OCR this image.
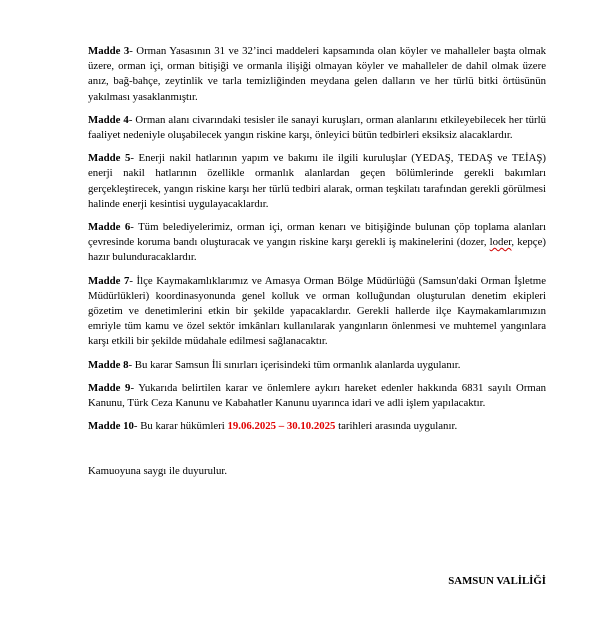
Madde 3- Orman Yasasının 31 ve 32’inci maddeleri kapsamında olan köyler ve mahalleler başta olmak üzere, orman içi, orman bitişiği ve ormanla ilişiği olmayan köyler ve mahalleler de dahil olmak üzere anız, bağ-bahçe, zeytinlik ve tarla temizliğinden meydana gelen dalların ve her türlü bitki örtüsünün yakılması yasaklanmıştır.

Madde 4- Orman alanı civarındaki tesisler ile sanayi kuruşları, orman alanlarını etkileyebilecek her türlü faaliyet nedeniyle oluşabilecek yangın riskine karşı, önleyici bütün tedbirleri eksiksiz alacaklardır.

Madde 5- Enerji nakil hatlarının yapım ve bakımı ile ilgili kuruluşlar (YEDAŞ, TEDAŞ ve TEİAŞ) enerji nakil hatlarının özellikle ormanlık alanlardan geçen bölümlerinde gerekli bakımları gerçekleştirecek, yangın riskine karşı her türlü tedbiri alarak, orman teşkilatı tarafından gerekli görülmesi halinde enerji kesintisi uygulayacaklardır.

Madde 6- Tüm belediyelerimiz, orman içi, orman kenarı ve bitişiğinde bulunan çöp toplama alanları çevresinde koruma bandı oluşturacak ve yangın riskine karşı gerekli iş makinelerini (dozer, loder, kepçe) hazır bulunduracaklardır.

Madde 7- İlçe Kaymakamlıklarımız ve Amasya Orman Bölge Müdürlüğü (Samsun'daki Orman İşletme Müdürlükleri) koordinasyonunda genel kolluk ve orman kolluğundan oluşturulan denetim ekipleri gözetim ve denetimlerini etkin bir şekilde yapacaklardır. Gerekli hallerde ilçe Kaymakamlarımızın emriyle tüm kamu ve özel sektör imkânları kullanılarak yangınların önlenmesi ve muhtemel yangınlara karşı etkili bir şekilde müdahale edilmesi sağlanacaktır.

Madde 8- Bu karar Samsun İli sınırları içerisindeki tüm ormanlık alanlarda uygulanır.

Madde 9- Yukarıda belirtilen karar ve önlemlere aykırı hareket edenler hakkında 6831 sayılı Orman Kanunu, Türk Ceza Kanunu ve Kabahatler Kanunu uyarınca idari ve adli işlem yapılacaktır.

Madde 10- Bu karar hükümleri 19.06.2025 – 30.10.2025 tarihleri arasında uygulanır.

Kamuoyuna saygı ile duyurulur.

SAMSUN VALİLİĞİ
